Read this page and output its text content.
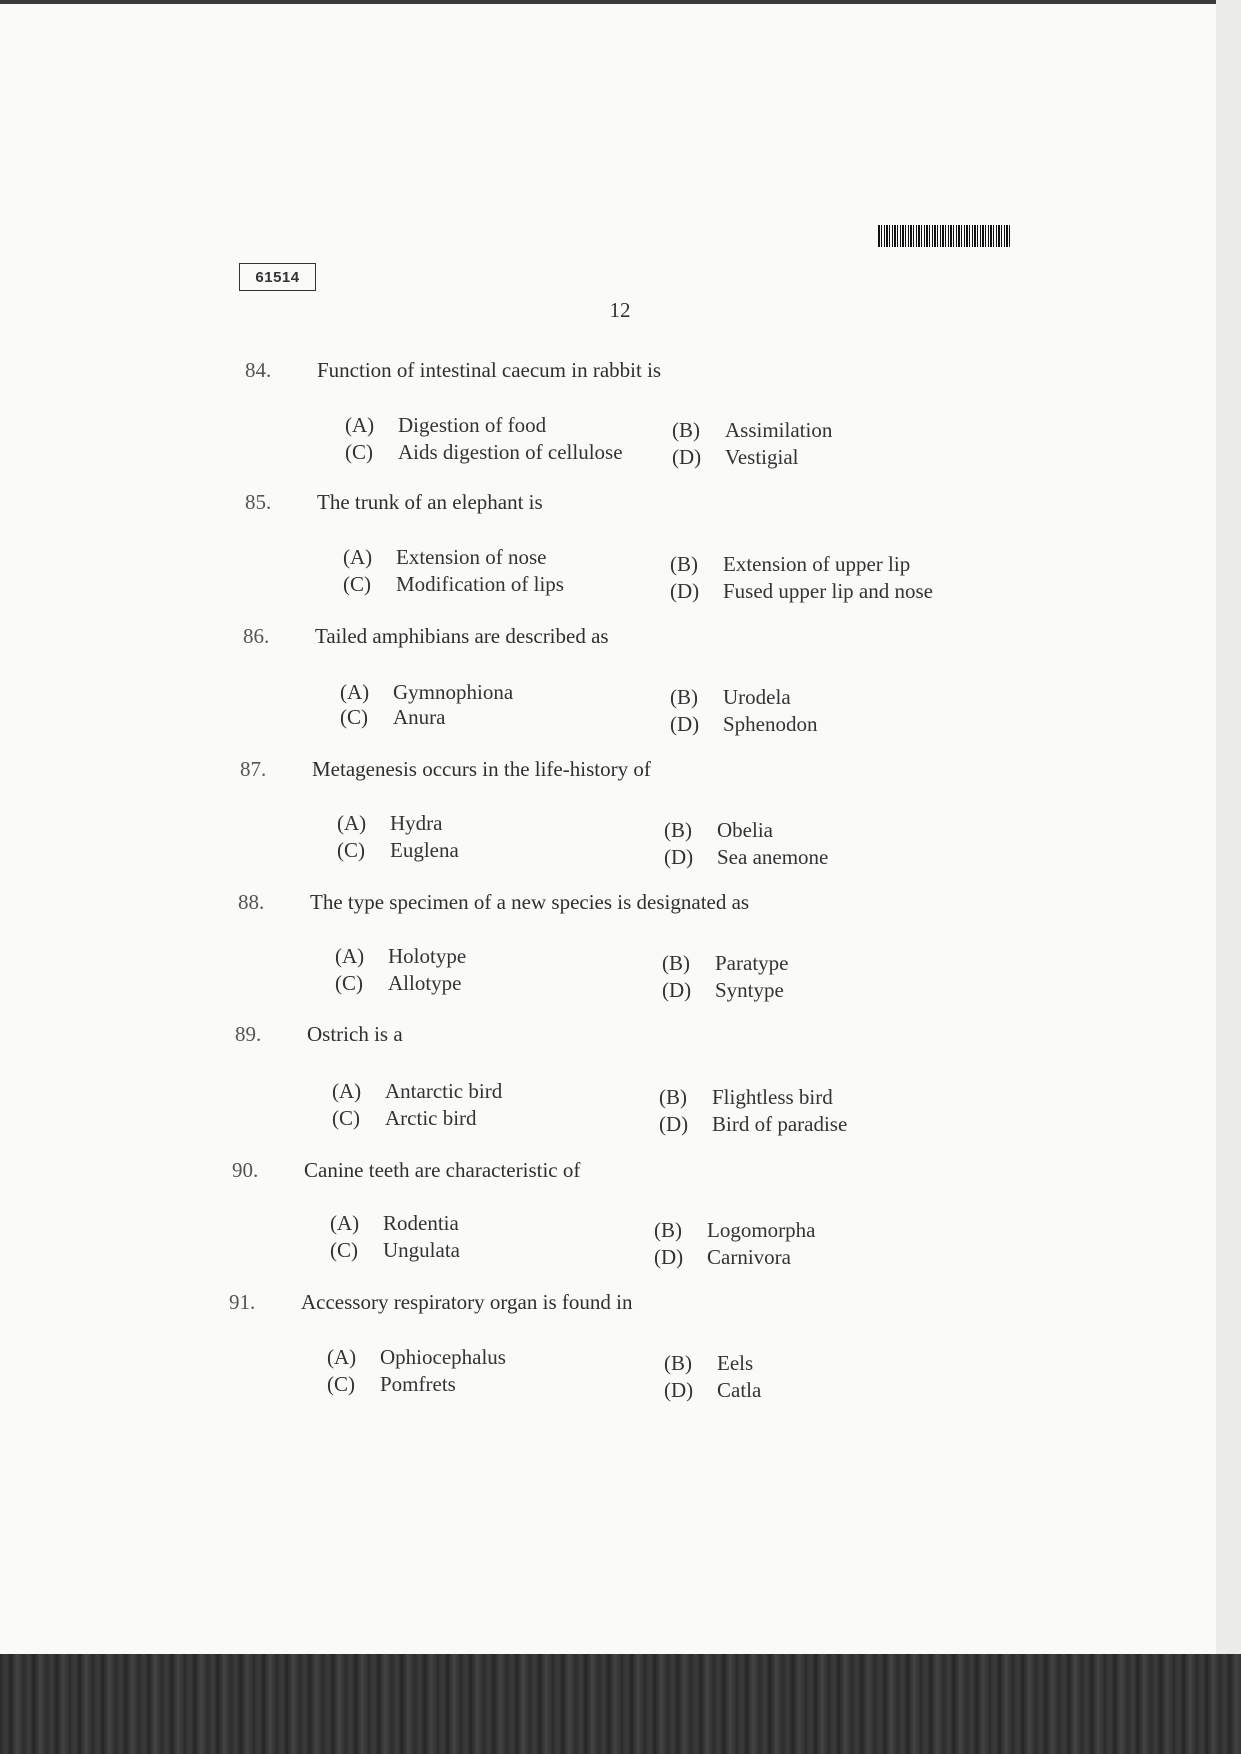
61514
12
84. Function of intestinal caecum in rabbit is
(A) Digestion of food	(B) Assimilation
(C) Aids digestion of cellulose (D) Vestigial
85. The trunk of an elephant is
(A) Extension of nose	(B) Extension of upper lip
(C) Modification of lips	(D) Fused upper lip and nose
86. Tailed amphibians are described as
(A) Gymnophiona	(B) Urodela
(C) Anura	(D) Sphenodon
87. Metagenesis occurs in the life-history of
(A) Hydra	(B) Obelia
(C) Euglena	(D) Sea anemone
88. The type specimen of a new species is designated as
(A) Holotype	(B) Paratype
(C) Allotype	(D) Syntype
89. Ostrich is a
(A) Antarctic bird	(B) Flightless bird
(C) Arctic bird	(D) Bird of paradise
90. Canine teeth are characteristic of
(A) Rodentia	(B) Logomorpha
(C) Ungulata	(D) Carnivora
91. Accessory respiratory organ is found in
(A) Ophiocephalus	(B) Eels
(C) Pomfrets	(D) Catla
